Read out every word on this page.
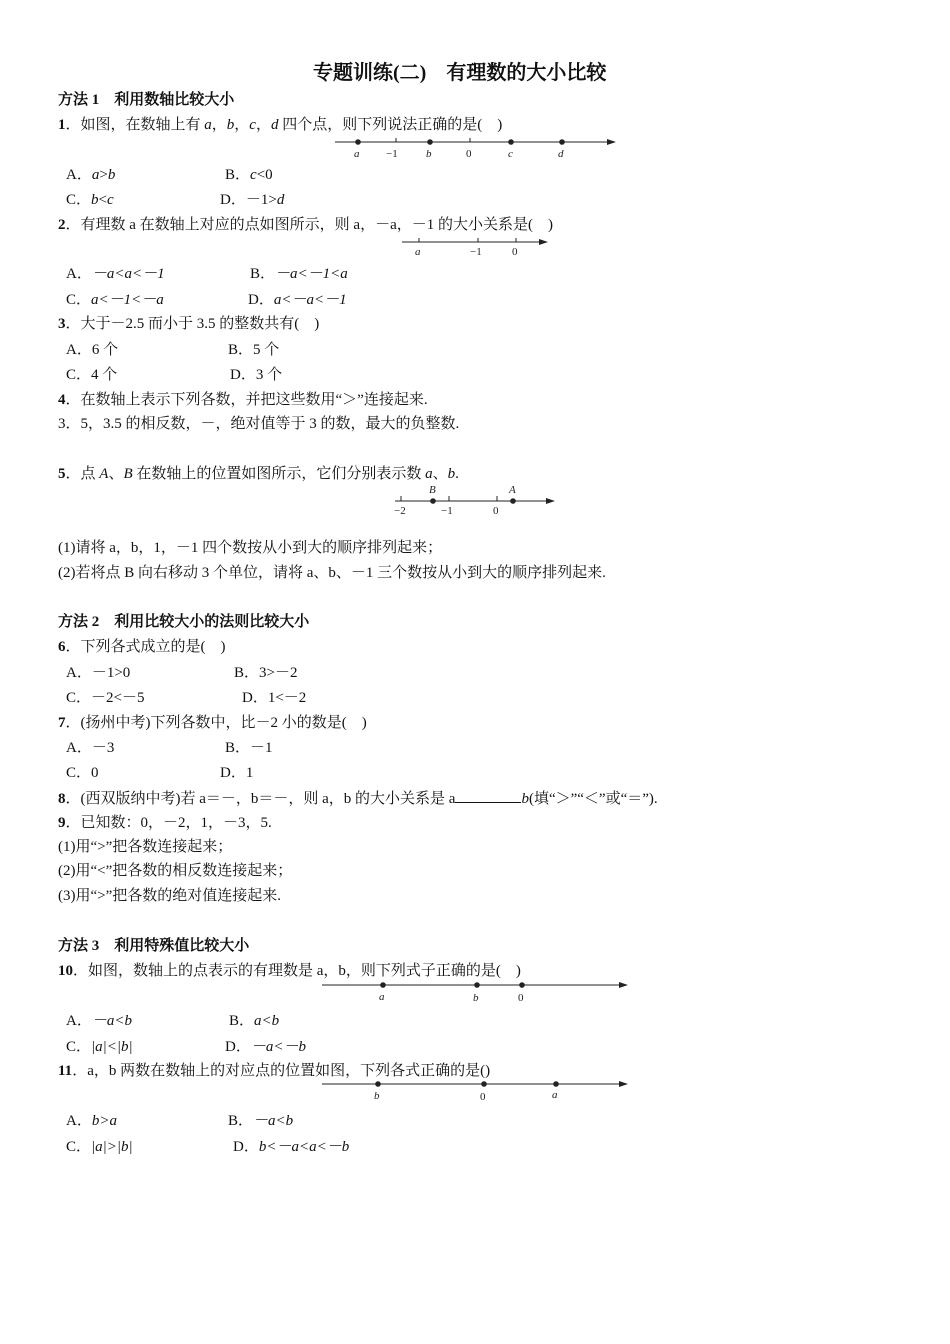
专题训练(二)　有理数的大小比较
方法 1　利用数轴比较大小
1．如图，在数轴上有 a，b，c，d 四个点，则下列说法正确的是(　)
a −1	b	0	c	d
A．a>b	B．c<0
C．b<c	D．－1>d
2．有理数 a 在数轴上对应的点如图所示，则 a，－a，－1 的大小关系是(　)
a	−1	0
A．－a<a<－1	B．－a<－1<a
C．a<－1<－a	D．a<－a<－1
3．大于－2.5 而小于 3.5 的整数共有(　)
A．6 个	B．5 个
C．4 个	D．3 个
4．在数轴上表示下列各数，并把这些数用“＞”连接起来.
3．5，3.5 的相反数，－，绝对值等于 3 的数，最大的负整数.
5．点 A、B 在数轴上的位置如图所示，它们分别表示数 a、b.
B	A
−2	−1	0
(1)请将 a，b，1，－1 四个数按从小到大的顺序排列起来；
(2)若将点 B 向右移动 3 个单位，请将 a、b、－1 三个数按从小到大的顺序排列起来.
方法 2　利用比较大小的法则比较大小
6．下列各式成立的是(　)
A．－1>0	B．3>－2
C．－2<－5	D．1<－2
7．(扬州中考)下列各数中，比－2 小的数是(　)
A．－3	B．－1
C．0	D．1
8．(西双版纳中考)若 a＝－，b＝－，则 a，b 的大小关系是 a	b(填“＞”“＜”或“＝”).
9．已知数：0，－2，1，－3，5.
(1)用“>”把各数连接起来；
(2)用“<”把各数的相反数连接起来；
(3)用“>”把各数的绝对值连接起来.
方法 3　利用特殊值比较大小
10．如图，数轴上的点表示的有理数是 a，b，则下列式子正确的是(　)
a	b	0
A．－a<b	B．a<b
C．|a|<|b|	D．－a<－b
11．a，b 两数在数轴上的对应点的位置如图，下列各式正确的是()
b	0	a
A．b>a	B．－a<b
C．|a|>|b|	D．b<－a<a<－b
